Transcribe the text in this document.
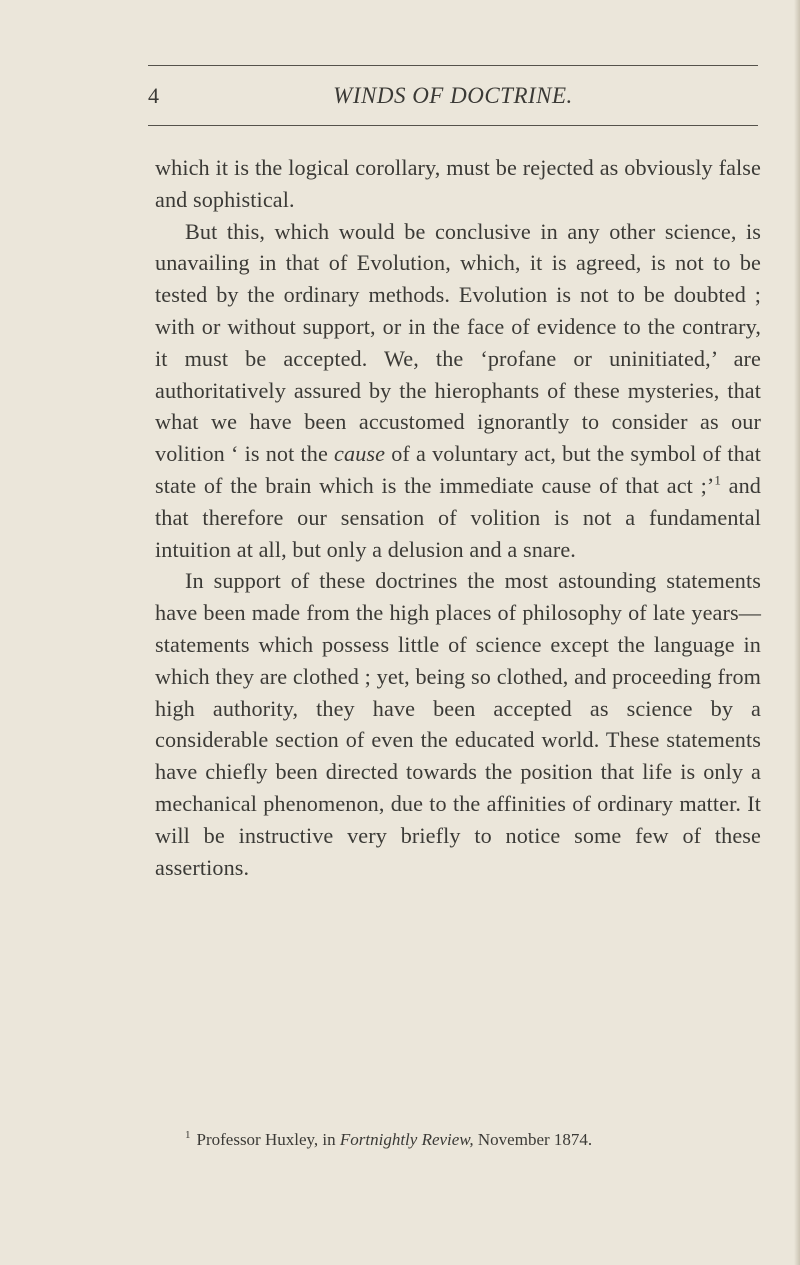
4	WINDS OF DOCTRINE.

which it is the logical corollary, must be rejected as obviously false and sophistical.

But this, which would be conclusive in any other science, is unavailing in that of Evolution, which, it is agreed, is not to be tested by the ordinary methods. Evolution is not to be doubted ; with or without support, or in the face of evidence to the contrary, it must be accepted. We, the ‘profane or uninitiated,’ are authoritatively assured by the hierophants of these mysteries, that what we have been accustomed ignorantly to consider as our volition ‘ is not the cause of a voluntary act, but the symbol of that state of the brain which is the immediate cause of that act ;’$^1$ and that therefore our sensation of volition is not a fundamental intuition at all, but only a delusion and a snare.

In support of these doctrines the most astounding statements have been made from the high places of philosophy of late years—statements which possess little of science except the language in which they are clothed ; yet, being so clothed, and proceeding from high authority, they have been accepted as science by a considerable section of even the educated world. These statements have chiefly been directed towards the position that life is only a mechanical phenomenon, due to the affinities of ordinary matter. It will be instructive very briefly to notice some few of these assertions.

$^1$ Professor Huxley, in Fortnightly Review, November 1874.
